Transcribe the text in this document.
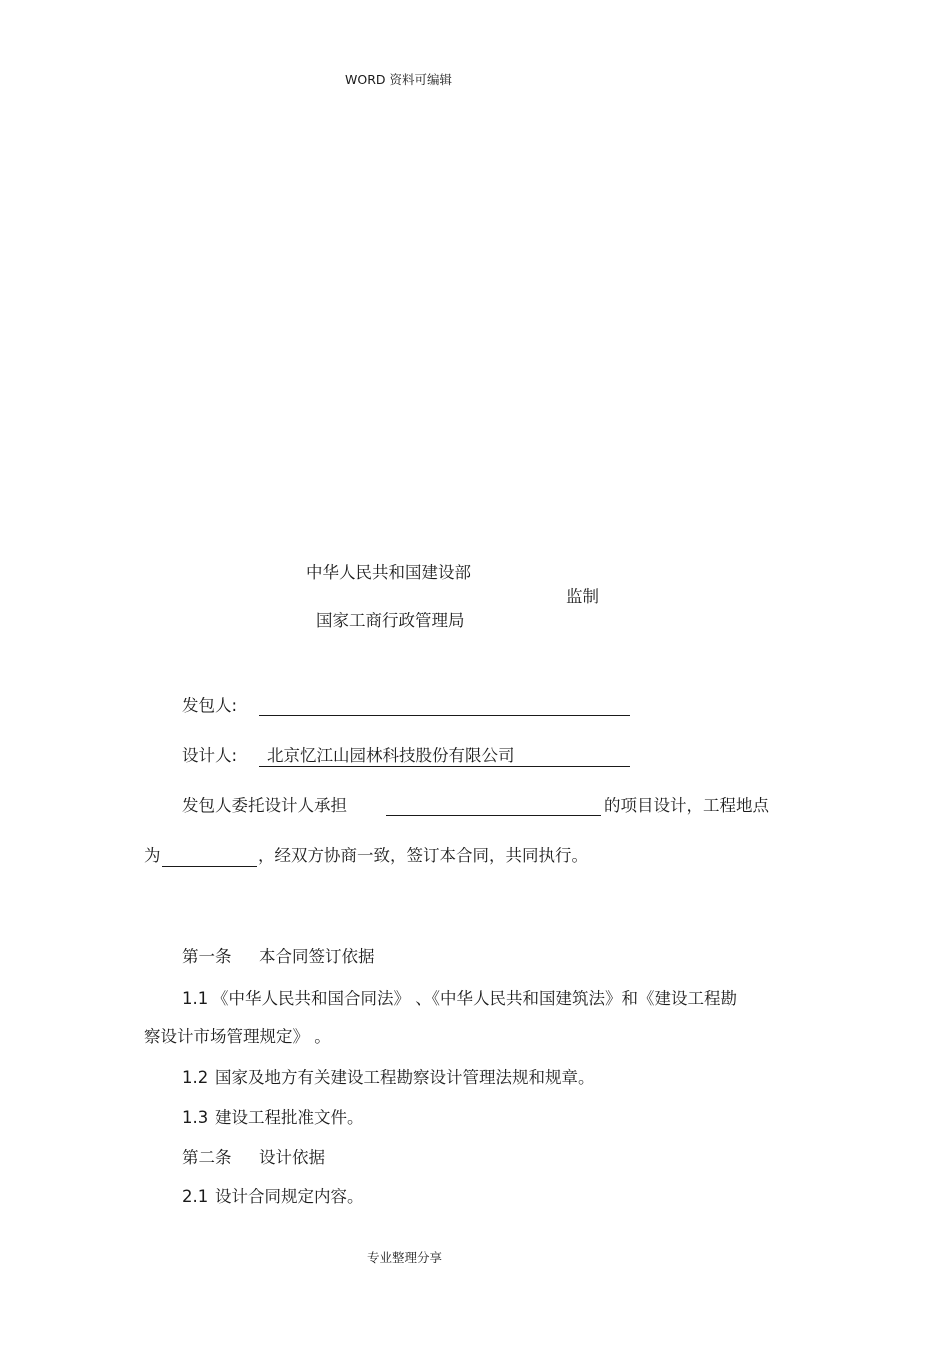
WORD 资料可编辑
中华人民共和国建设部
监制
国家工商行政管理局
发包人:
设计人: 北京忆江山园林科技股份有限公司
发包人委托设计人承担	的项目设计，工程地点
为	，经双方协商一致，签订本合同，共同执行。
第一条 本合同签订依据
1.1 《中华人民共和国合同法》 、《中华人民共和国建筑法》和《建设工程勘
察设计市场管理规定》 。
1.2 国家及地方有关建设工程勘察设计管理法规和规章。
1.3 建设工程批准文件。
第二条 设计依据
2.1 设计合同规定内容。
专业整理分享
